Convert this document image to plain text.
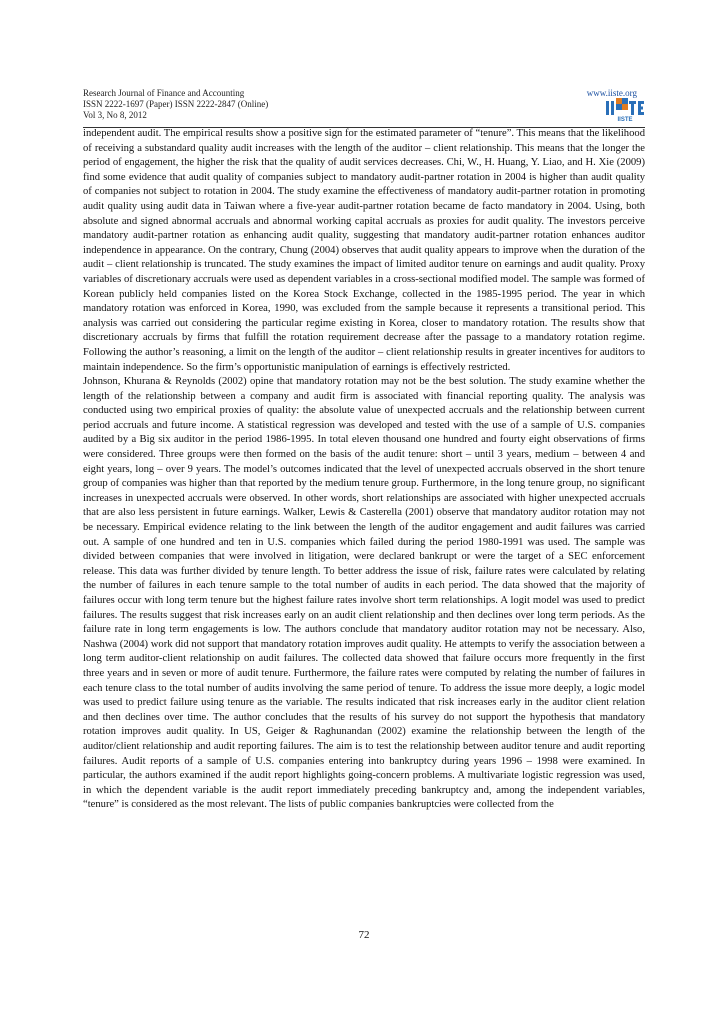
Research Journal of Finance and Accounting
ISSN 2222-1697 (Paper) ISSN 2222-2847 (Online)
Vol 3, No 8, 2012
www.iiste.org
IISTE

independent audit. The empirical results show a positive sign for the estimated parameter of “tenure”. This means that the likelihood of receiving a substandard quality audit increases with the length of the auditor – client relationship. This means that the longer the period of engagement, the higher the risk that the quality of audit services decreases. Chi, W., H. Huang, Y. Liao, and H. Xie (2009) find some evidence that audit quality of companies subject to mandatory audit-partner rotation in 2004 is higher than audit quality of companies not subject to rotation in 2004. The study examine the effectiveness of mandatory audit-partner rotation in promoting audit quality using audit data in Taiwan where a five-year audit-partner rotation became de facto mandatory in 2004. Using, both absolute and signed abnormal accruals and abnormal working capital accruals as proxies for audit quality. The investors perceive mandatory audit-partner rotation as enhancing audit quality, suggesting that mandatory audit-partner rotation enhances auditor independence in appearance. On the contrary, Chung (2004) observes that audit quality appears to improve when the duration of the audit – client relationship is truncated. The study examines the impact of limited auditor tenure on earnings and audit quality. Proxy variables of discretionary accruals were used as dependent variables in a cross-sectional modified model. The sample was formed of Korean publicly held companies listed on the Korea Stock Exchange, collected in the 1985-1995 period. The year in which mandatory rotation was enforced in Korea, 1990, was excluded from the sample because it represents a transitional period. This analysis was carried out considering the particular regime existing in Korea, closer to mandatory rotation. The results show that discretionary accruals by firms that fulfill the rotation requirement decrease after the passage to a mandatory rotation regime. Following the author’s reasoning, a limit on the length of the auditor – client relationship results in greater incentives for auditors to maintain independence. So the firm’s opportunistic manipulation of earnings is effectively restricted.

Johnson, Khurana & Reynolds (2002) opine that mandatory rotation may not be the best solution. The study examine whether the length of the relationship between a company and audit firm is associated with financial reporting quality. The analysis was conducted using two empirical proxies of quality: the absolute value of unexpected accruals and the relationship between current period accruals and future income. A statistical regression was developed and tested with the use of a sample of U.S. companies audited by a Big six auditor in the period 1986-1995. In total eleven thousand one hundred and fourty eight observations of firms were considered. Three groups were then formed on the basis of the audit tenure: short – until 3 years, medium – between 4 and eight years, long – over 9 years. The model’s outcomes indicated that the level of unexpected accruals observed in the short tenure group of companies was higher than that reported by the medium tenure group. Furthermore, in the long tenure group, no significant increases in unexpected accruals were observed. In other words, short relationships are associated with higher unexpected accruals that are also less persistent in future earnings. Walker, Lewis & Casterella (2001) observe that mandatory auditor rotation may not be necessary. Empirical evidence relating to the link between the length of the auditor engagement and audit failures was carried out. A sample of one hundred and ten in U.S. companies which failed during the period 1980-1991 was used. The sample was divided between companies that were involved in litigation, were declared bankrupt or were the target of a SEC enforcement release. This data was further divided by tenure length. To better address the issue of risk, failure rates were calculated by relating the number of failures in each tenure sample to the total number of audits in each period. The data showed that the majority of failures occur with long term tenure but the highest failure rates involve short term relationships. A logit model was used to predict failures. The results suggest that risk increases early on an audit client relationship and then declines over long term periods. As the failure rate in long term engagements is low. The authors conclude that mandatory auditor rotation may not be necessary. Also, Nashwa (2004) work did not support that mandatory rotation improves audit quality. He attempts to verify the association between a long term auditor-client relationship on audit failures. The collected data showed that failure occurs more frequently in the first three years and in seven or more of audit tenure. Furthermore, the failure rates were computed by relating the number of failures in each tenure class to the total number of audits involving the same period of tenure. To address the issue more deeply, a logic model was used to predict failure using tenure as the variable. The results indicated that risk increases early in the auditor client relation and then declines over time. The author concludes that the results of his survey do not support the hypothesis that mandatory rotation improves audit quality. In US, Geiger & Raghunandan (2002) examine the relationship between the length of the auditor/client relationship and audit reporting failures. The aim is to test the relationship between auditor tenure and audit reporting failures. Audit reports of a sample of U.S. companies entering into bankruptcy during years 1996 – 1998 were examined. In particular, the authors examined if the audit report highlights going-concern problems. A multivariate logistic regression was used, in which the dependent variable is the audit report immediately preceding bankruptcy and, among the independent variables, “tenure” is considered as the most relevant. The lists of public companies bankruptcies were collected from the

72
